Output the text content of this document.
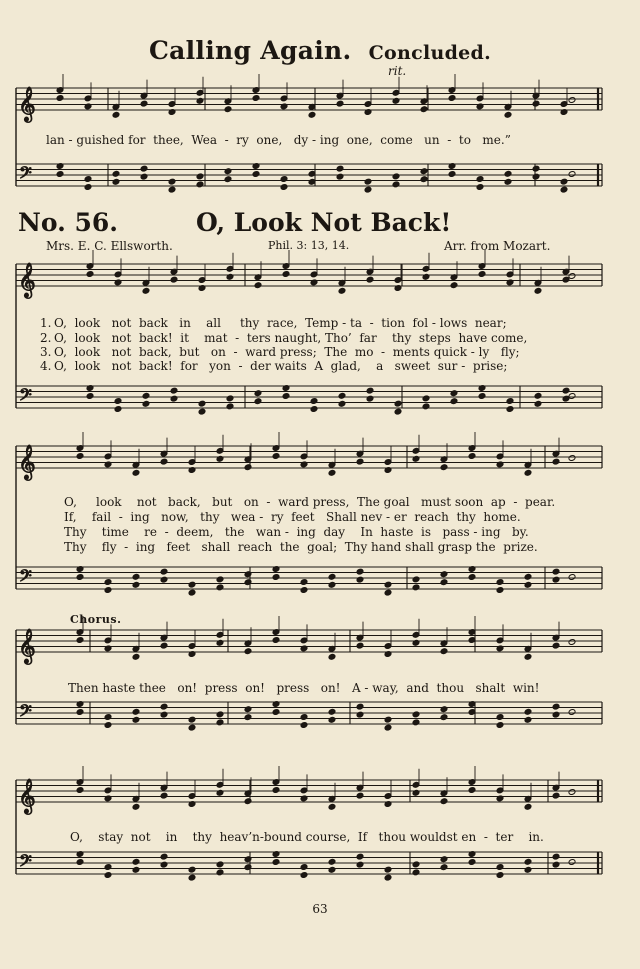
𝄞
𝄢
𝄞
𝄢
𝄞
𝄢
𝄞
𝄢
𝄞
𝄢
Calling Again. Concluded.
rit.
lan - guished for  thee,  Wea  -  ry  one,   dy - ing  one,  come   un  -  to   me.”
No. 56.	O, Look Not Back!
Mrs. E. C. Ellsworth.	Phil. 3: 13, 14.	Arr. from Mozart.
1. O,  look   not  back   in    all     thy  race,  Temp - ta  -  tion  fol - lows  near;
2. O,  look   not  back!  it    mat  -  ters naught, Tho’  far    thy  steps  have come,
3. O,  look   not  back,  but   on  -  ward press;  The  mo  -  ments quick - ly   fly;
4. O,  look   not  back!  for   yon  -  der waits  A  glad,    a   sweet  sur -  prise;
O,     look    not   back,   but   on  -  ward press,  The goal   must soon  ap  -  pear.
If,    fail  -  ing   now,   thy   wea -  ry  feet   Shall nev - er  reach  thy  home.
Thy    time    re  -  deem,   the   wan -  ing  day    In  haste  is   pass - ing   by.
Thy    fly  -  ing   feet   shall  reach  the  goal;  Thy hand shall grasp the  prize.
Chorus.
Then haste thee   on!  press  on!   press   on!   A - way,  and  thou   shalt  win!
O,    stay  not    in    thy  heav’n-bound course,  If   thou wouldst en  -  ter    in.
63
